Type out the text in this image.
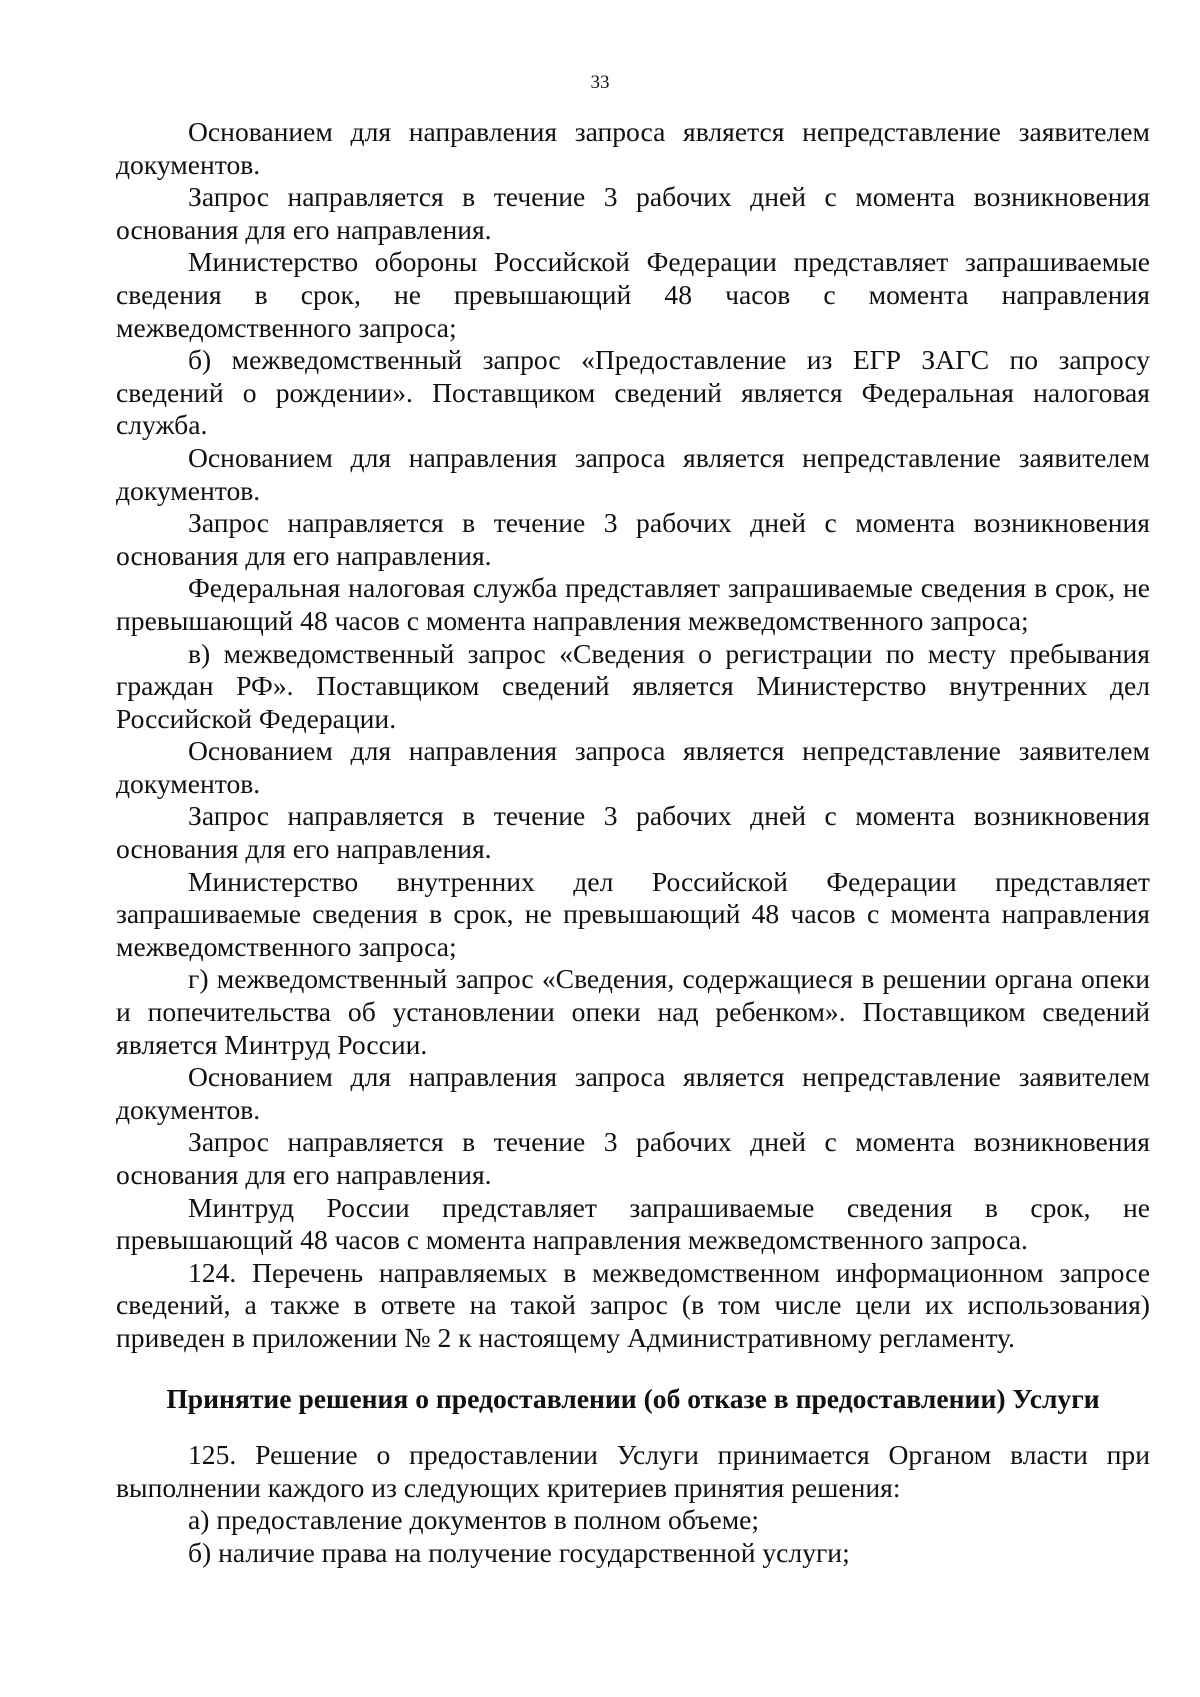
33

Основанием для направления запроса является непредставление заявителем документов.

Запрос направляется в течение 3 рабочих дней с момента возникновения основания для его направления.

Министерство обороны Российской Федерации представляет запрашиваемые сведения в срок, не превышающий 48 часов с момента направления межведомственного запроса;

б) межведомственный запрос «Предоставление из ЕГР ЗАГС по запросу сведений о рождении». Поставщиком сведений является Федеральная налоговая служба.

Основанием для направления запроса является непредставление заявителем документов.

Запрос направляется в течение 3 рабочих дней с момента возникновения основания для его направления.

Федеральная налоговая служба представляет запрашиваемые сведения в срок, не превышающий 48 часов с момента направления межведомственного запроса;

в) межведомственный запрос «Сведения о регистрации по месту пребывания граждан РФ». Поставщиком сведений является Министерство внутренних дел Российской Федерации.

Основанием для направления запроса является непредставление заявителем документов.

Запрос направляется в течение 3 рабочих дней с момента возникновения основания для его направления.

Министерство внутренних дел Российской Федерации представляет запрашиваемые сведения в срок, не превышающий 48 часов с момента направления межведомственного запроса;

г) межведомственный запрос «Сведения, содержащиеся в решении органа опеки и попечительства об установлении опеки над ребенком». Поставщиком сведений является Минтруд России.

Основанием для направления запроса является непредставление заявителем документов.

Запрос направляется в течение 3 рабочих дней с момента возникновения основания для его направления.

Минтруд России представляет запрашиваемые сведения в срок, не превышающий 48 часов с момента направления межведомственного запроса.

124. Перечень направляемых в межведомственном информационном запросе сведений, а также в ответе на такой запрос (в том числе цели их использования) приведен в приложении № 2 к настоящему Административному регламенту.

Принятие решения о предоставлении (об отказе в предоставлении) Услуги

125. Решение о предоставлении Услуги принимается Органом власти при выполнении каждого из следующих критериев принятия решения:

а) предоставление документов в полном объеме;

б) наличие права на получение государственной услуги;
